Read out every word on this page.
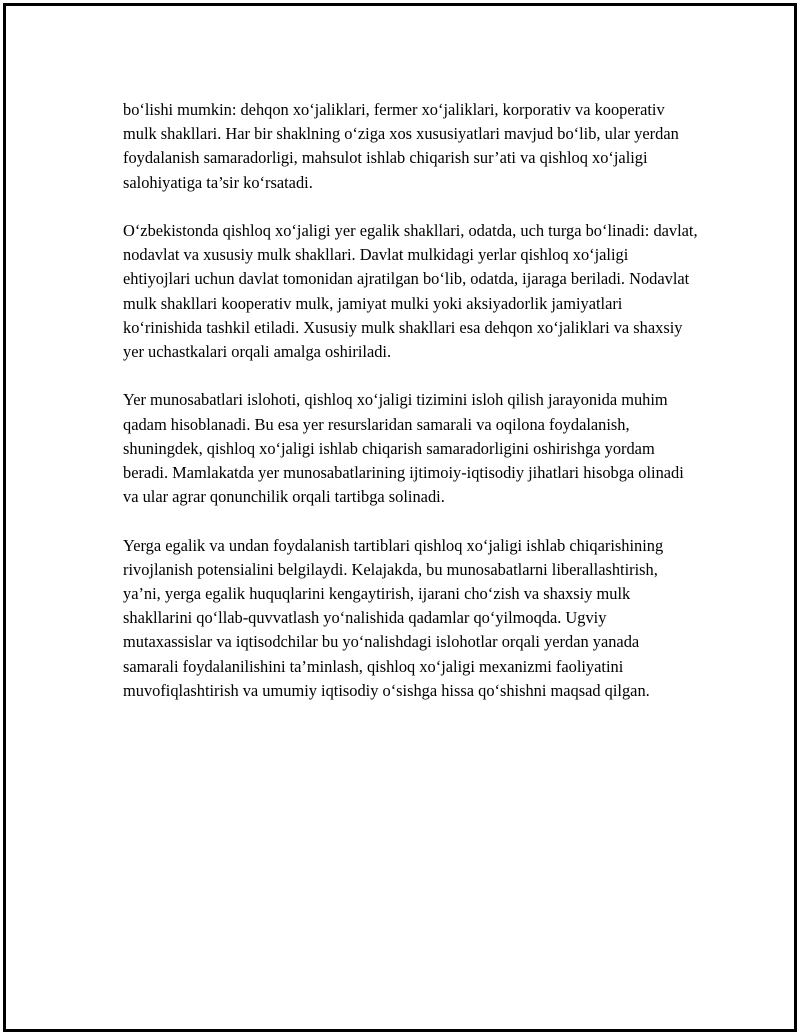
bo‘lishi mumkin: dehqon xo‘jaliklari, fermer xo‘jaliklari, korporativ va kooperativ mulk shakllari. Har bir shaklning o‘ziga xos xususiyatlari mavjud bo‘lib, ular yerdan foydalanish samaradorligi, mahsulot ishlab chiqarish sur’ati va qishloq xo‘jaligi salohiyatiga ta’sir ko‘rsatadi.

O‘zbekistonda qishloq xo‘jaligi yer egalik shakllari, odatda, uch turga bo‘linadi: davlat, nodavlat va xususiy mulk shakllari. Davlat mulkidagi yerlar qishloq xo‘jaligi ehtiyojlari uchun davlat tomonidan ajratilgan bo‘lib, odatda, ijaraga beriladi. Nodavlat mulk shakllari kooperativ mulk, jamiyat mulki yoki aksiyadorlik jamiyatlari ko‘rinishida tashkil etiladi. Xususiy mulk shakllari esa dehqon xo‘jaliklari va shaxsiy yer uchastkalari orqali amalga oshiriladi.

Yer munosabatlari islohoti, qishloq xo‘jaligi tizimini isloh qilish jarayonida muhim qadam hisoblanadi. Bu esa yer resurslaridan samarali va oqilona foydalanish, shuningdek, qishloq xo‘jaligi ishlab chiqarish samaradorligini oshirishga yordam beradi. Mamlakatda yer munosabatlarining ijtimoiy-iqtisodiy jihatlari hisobga olinadi va ular agrar qonunchilik orqali tartibga solinadi.

Yerga egalik va undan foydalanish tartiblari qishloq xo‘jaligi ishlab chiqarishining rivojlanish potensialini belgilaydi. Kelajakda, bu munosabatlarni liberallashtirish, ya’ni, yerga egalik huquqlarini kengaytirish, ijarani cho‘zish va shaxsiy mulk shakllarini qo‘llab-quvvatlash yo‘nalishida qadamlar qo‘yilmoqda. Ugviy mutaxassislar va iqtisodchilar bu yo‘nalishdagi islohotlar orqali yerdan yanada samarali foydalanilishini ta’minlash, qishloq xo‘jaligi mexanizmi faoliyatini muvofiqlashtirish va umumiy iqtisodiy o‘sishga hissa qo‘shishni maqsad qilgan.
